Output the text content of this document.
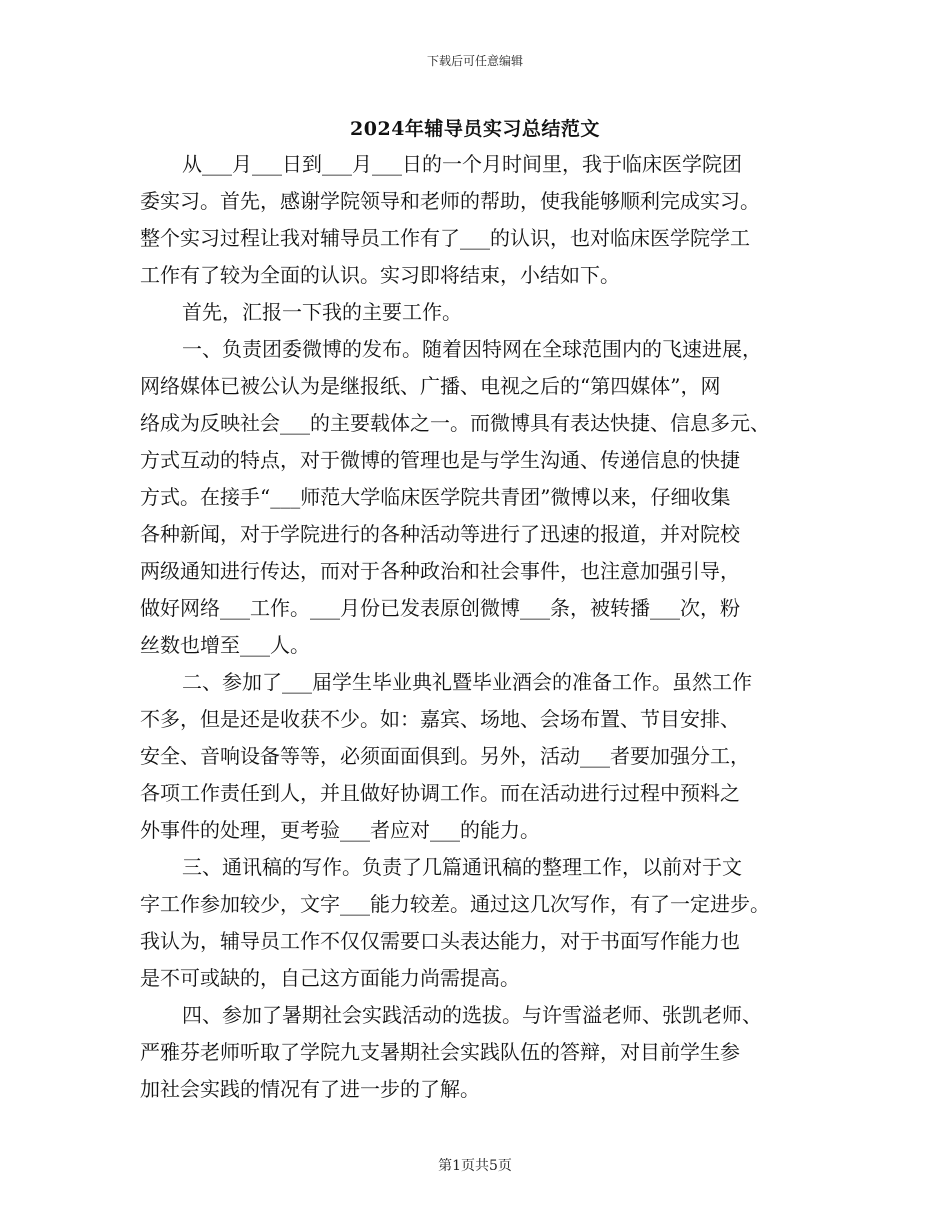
下载后可任意编辑
2024年辅导员实习总结范文
从___月___日到___月___日的一个月时间里，我于临床医学院团
委实习。首先，感谢学院领导和老师的帮助，使我能够顺利完成实习。
整个实习过程让我对辅导员工作有了___的认识，也对临床医学院学工
工作有了较为全面的认识。实习即将结束，小结如下。
首先，汇报一下我的主要工作。
一、负责团委微博的发布。随着因特网在全球范围内的飞速进展，
网络媒体已被公认为是继报纸、广播、电视之后的“第四媒体”，网
络成为反映社会___的主要载体之一。而微博具有表达快捷、信息多元、
方式互动的特点，对于微博的管理也是与学生沟通、传递信息的快捷
方式。在接手“___师范大学临床医学院共青团”微博以来，仔细收集
各种新闻，对于学院进行的各种活动等进行了迅速的报道，并对院校
两级通知进行传达，而对于各种政治和社会事件，也注意加强引导，
做好网络___工作。___月份已发表原创微博___条，被转播___次，粉
丝数也增至___人。
二、参加了___届学生毕业典礼暨毕业酒会的准备工作。虽然工作
不多，但是还是收获不少。如：嘉宾、场地、会场布置、节目安排、
安全、音响设备等等，必须面面俱到。另外，活动___者要加强分工，
各项工作责任到人，并且做好协调工作。而在活动进行过程中预料之
外事件的处理，更考验___者应对___的能力。
三、通讯稿的写作。负责了几篇通讯稿的整理工作，以前对于文
字工作参加较少，文字___能力较差。通过这几次写作，有了一定进步。
我认为，辅导员工作不仅仅需要口头表达能力，对于书面写作能力也
是不可或缺的，自己这方面能力尚需提高。
四、参加了暑期社会实践活动的选拔。与许雪溢老师、张凯老师、
严雅芬老师听取了学院九支暑期社会实践队伍的答辩，对目前学生参
加社会实践的情况有了进一步的了解。
第1页共5页
